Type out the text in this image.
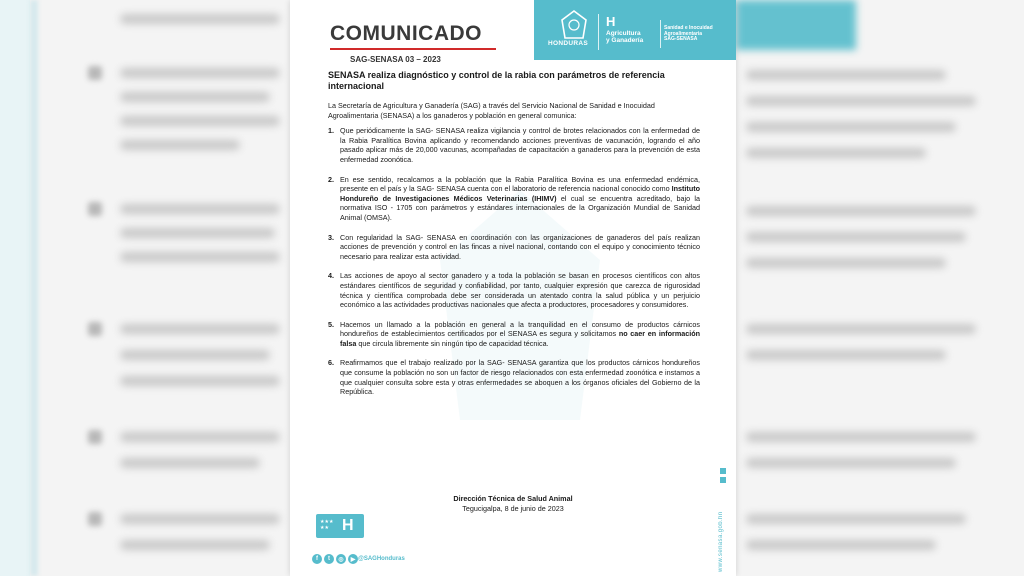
COMUNICADO
SAG-SENASA 03 – 2023
HONDURAS
H
Agricultura
y Ganadería
Sanidad e Inocuidad
Agroalimentaria
SAG-SENASA

SENASA realiza diagnóstico y control de la rabia con parámetros de referencia internacional

La Secretaría de Agricultura y Ganadería (SAG) a través del Servicio Nacional de Sanidad e Inocuidad Agroalimentaria (SENASA) a los ganaderos y población en general comunica:

1. Que periódicamente la SAG- SENASA realiza vigilancia y control de brotes relacionados con la enfermedad de la Rabia Paralítica Bovina aplicando y recomendando acciones preventivas de vacunación, logrando el año pasado aplicar más de 20,000 vacunas, acompañadas de capacitación a ganaderos para la prevención de esta enfermedad zoonótica.
2. En ese sentido, recalcamos a la población que la Rabia Paralítica Bovina es una enfermedad endémica, presente en el país y la SAG- SENASA cuenta con el laboratorio de referencia nacional conocido como Instituto Hondureño de Investigaciones Médicos Veterinarias (IHIMV) el cual se encuentra acreditado, bajo la normativa ISO - 1705 con parámetros y estándares internacionales de la Organización Mundial de Sanidad Animal (OMSA).
3. Con regularidad la SAG- SENASA en coordinación con las organizaciones de ganaderos del país realizan acciones de prevención y control en las fincas a nivel nacional, contando con el equipo y conocimiento técnico necesario para realizar esta actividad.
4. Las acciones de apoyo al sector ganadero y a toda la población se basan en procesos científicos con altos estándares científicos de seguridad y confiabilidad, por tanto, cualquier expresión que carezca de rigurosidad técnica y científica comprobada debe ser considerada un atentado contra la salud pública y un perjuicio económico a las actividades productivas nacionales que afecta a productores, procesadores y consumidores.
5. Hacemos un llamado a la población en general a la tranquilidad en el consumo de productos cárnicos hondureños de establecimientos certificados por el SENASA es segura y solicitamos no caer en información falsa que circula libremente sin ningún tipo de capacidad técnica.
6. Reafirmamos que el trabajo realizado por la SAG- SENASA garantiza que los productos cárnicos hondureños que consume la población no son un factor de riesgo relacionados con esta enfermedad zoonótica e instamos a que cualquier consulta sobre esta y otras enfermedades se aboquen a los órganos oficiales del Gobierno de la República.
Dirección Técnica de Salud Animal
Tegucigalpa, 8 de junio de 2023
★★★
★★ H
f	t	◎	▶ @SAGHonduras	www.senasa.gob.hn
